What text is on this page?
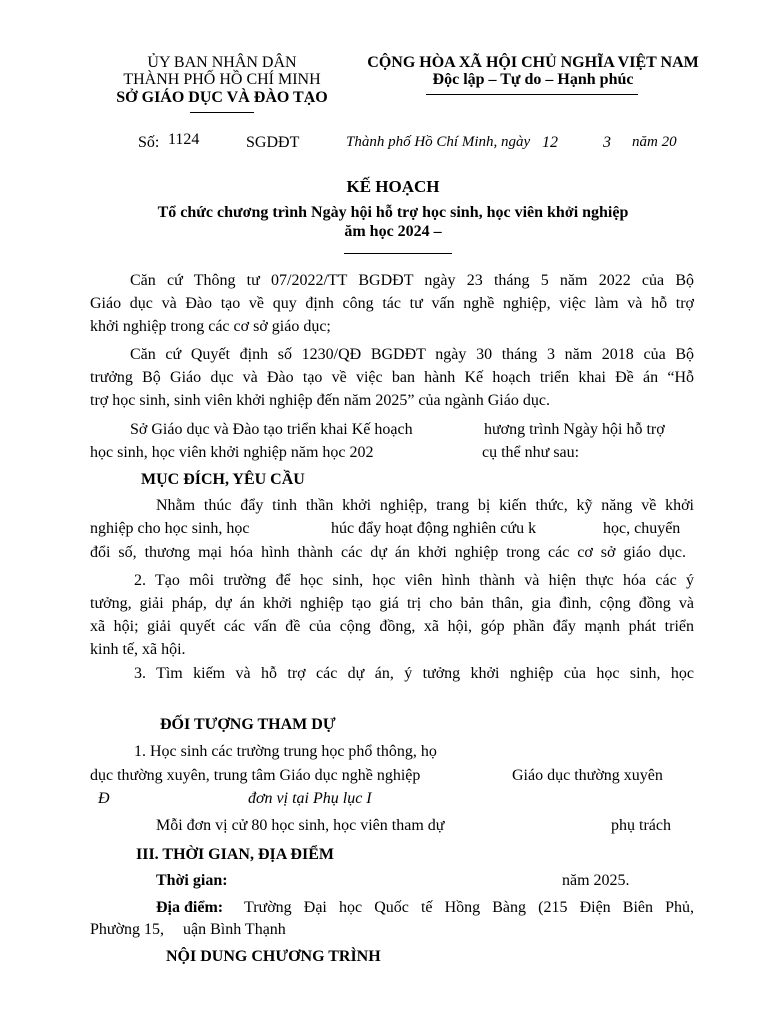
ỦY BAN NHÂN DÂN
THÀNH PHỐ HỒ CHÍ MINH
SỞ GIÁO DỤC VÀ ĐÀO TẠO
CỘNG HÒA XÃ HỘI CHỦ NGHĨA VIỆT NAM
Độc lập – Tự do – Hạnh phúc
Số: 1124	SGDĐT	Thành phố Hồ Chí Minh, ngày 12	3 năm 20
KẾ HOẠCH
Tổ chức chương trình Ngày hội hỗ trợ học sinh, học viên khởi nghiệp
ăm học 2024 –
Căn cứ Thông tư 07/2022/TT BGDĐT ngày 23 tháng 5 năm 2022 của Bộ
Giáo dục và Đào tạo về quy định công tác tư vấn nghề nghiệp, việc làm và hỗ trợ
khởi nghiệp trong các cơ sở giáo dục;
Căn cứ Quyết định số 1230/QĐ BGDĐT ngày 30 tháng 3 năm 2018 của Bộ
trưởng Bộ Giáo dục và Đào tạo về việc ban hành Kế hoạch triển khai Đề án “Hỗ
trợ học sinh, sinh viên khởi nghiệp đến năm 2025” của ngành Giáo dục.
Sở Giáo dục và Đào tạo triển khai Kế hoạch	hương trình Ngày hội hỗ trợ
học sinh, học viên khởi nghiệp năm học 202	cụ thể như sau:
MỤC ĐÍCH, YÊU CẦU
Nhằm thúc đẩy tinh thần khởi nghiệp, trang bị kiến thức, kỹ năng về khởi
nghiệp cho học sinh, học	húc đẩy hoạt động nghiên cứu k	học, chuyển
đổi số, thương mại hóa hình thành các dự án khởi nghiệp trong các cơ sở giáo dục.
2. Tạo môi trường để học sinh, học viên hình thành và hiện thực hóa các ý
tưởng, giải pháp, dự án khởi nghiệp tạo giá trị cho bản thân, gia đình, cộng đồng và
xã hội; giải quyết các vấn đề của cộng đồng, xã hội, góp phần đẩy mạnh phát triển
kinh tế, xã hội.
3. Tìm kiếm và hỗ trợ các dự án, ý tưởng khởi nghiệp của học sinh, học
ĐỐI TƯỢNG THAM DỰ
1. Học sinh các trường trung học phổ thông, họ
dục thường xuyên, trung tâm Giáo dục nghề nghiệp	Giáo dục thường xuyên
Đ	đơn vị tại Phụ lục I
Mỗi đơn vị cử 80 học sinh, học viên tham dự	phụ trách
III. THỜI GIAN, ĐỊA ĐIỂM
Thời gian:	năm 2025.
Địa điểm: Trường Đại học Quốc tế Hồng Bàng (215 Điện Biên Phủ,
Phường 15, uận Bình Thạnh
NỘI DUNG CHƯƠNG TRÌNH
